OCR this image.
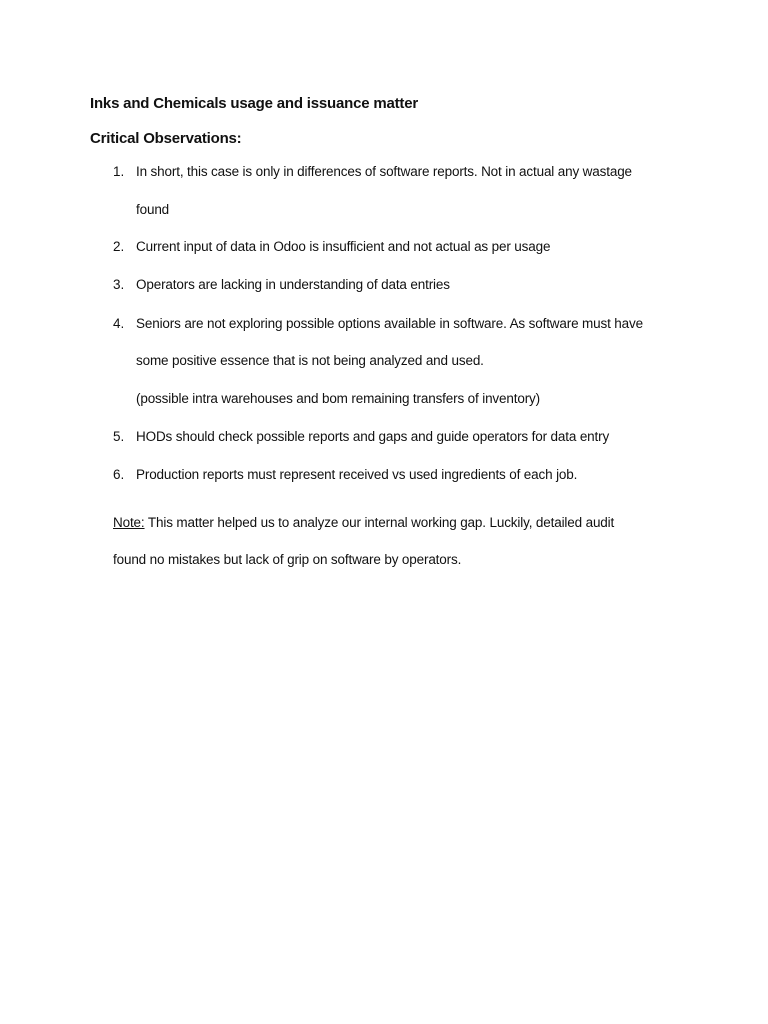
Inks and Chemicals usage and issuance matter
Critical Observations:
1. In short, this case is only in differences of software reports. Not in actual any wastage
found
2. Current input of data in Odoo is insufficient and not actual as per usage
3. Operators are lacking in understanding of data entries
4. Seniors are not exploring possible options available in software. As software must have
some positive essence that is not being analyzed and used.
(possible intra warehouses and bom remaining transfers of inventory)
5. HODs should check possible reports and gaps and guide operators for data entry
6. Production reports must represent received vs used ingredients of each job.
Note: This matter helped us to analyze our internal working gap. Luckily, detailed audit
found no mistakes but lack of grip on software by operators.
